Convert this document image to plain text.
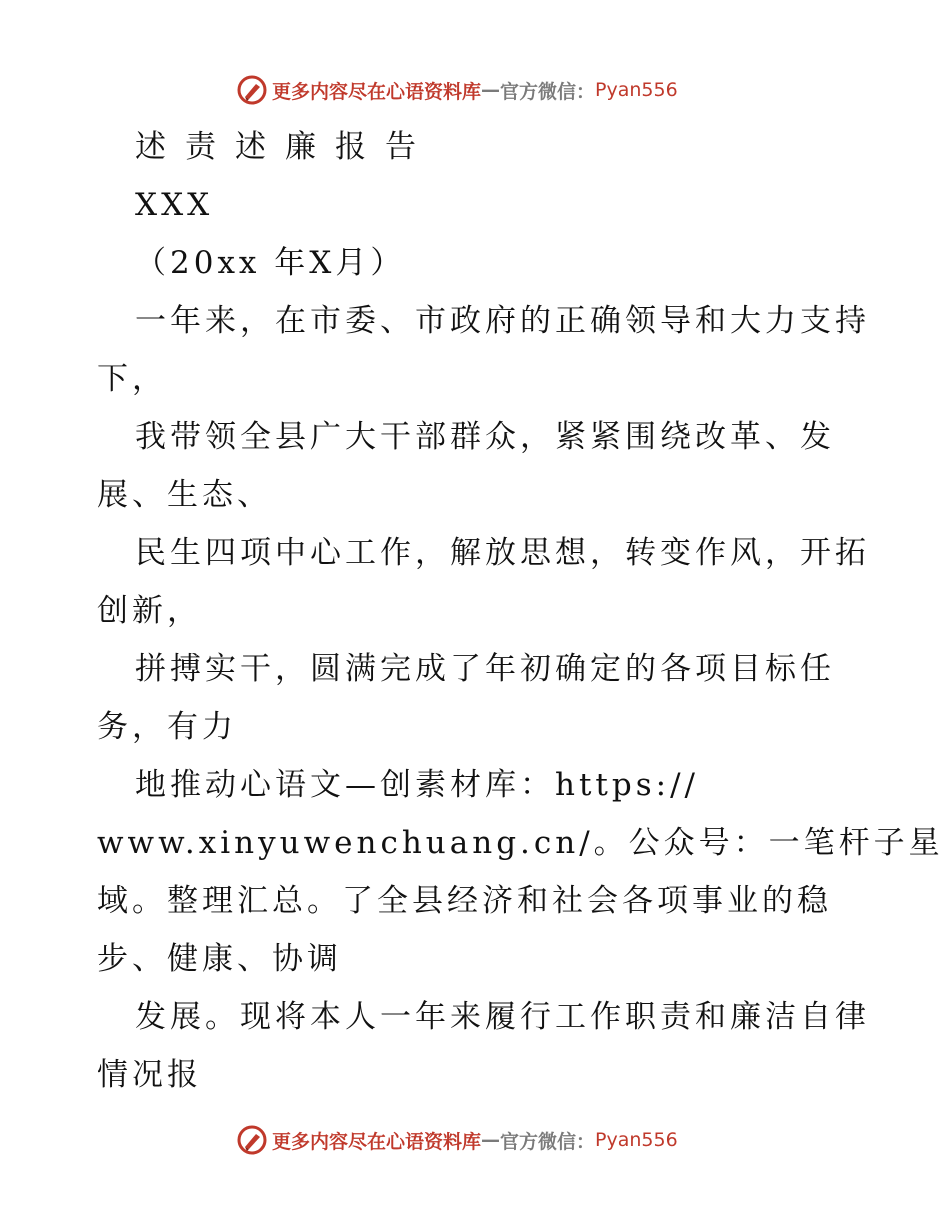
更多内容尽在心语资料库 — 官方微信： Pyan556
述责述廉报告
XXX
（20xx 年X月）
一年来，在市委、市政府的正确领导和大力支持
下，
我带领全县广大干部群众，紧紧围绕改革、发
展、生态、
民生四项中心工作，解放思想，转变作风，开拓
创新，
拼搏实干，圆满完成了年初确定的各项目标任
务，有力
地推动心语文—创素材库：https://
www.xinyuwenchuang.cn/。公众号：一笔杆子星
域。整理汇总。了全县经济和社会各项事业的稳
步、健康、协调
发展。现将本人一年来履行工作职责和廉洁自律
情况报
更多内容尽在心语资料库 — 官方微信： Pyan556
